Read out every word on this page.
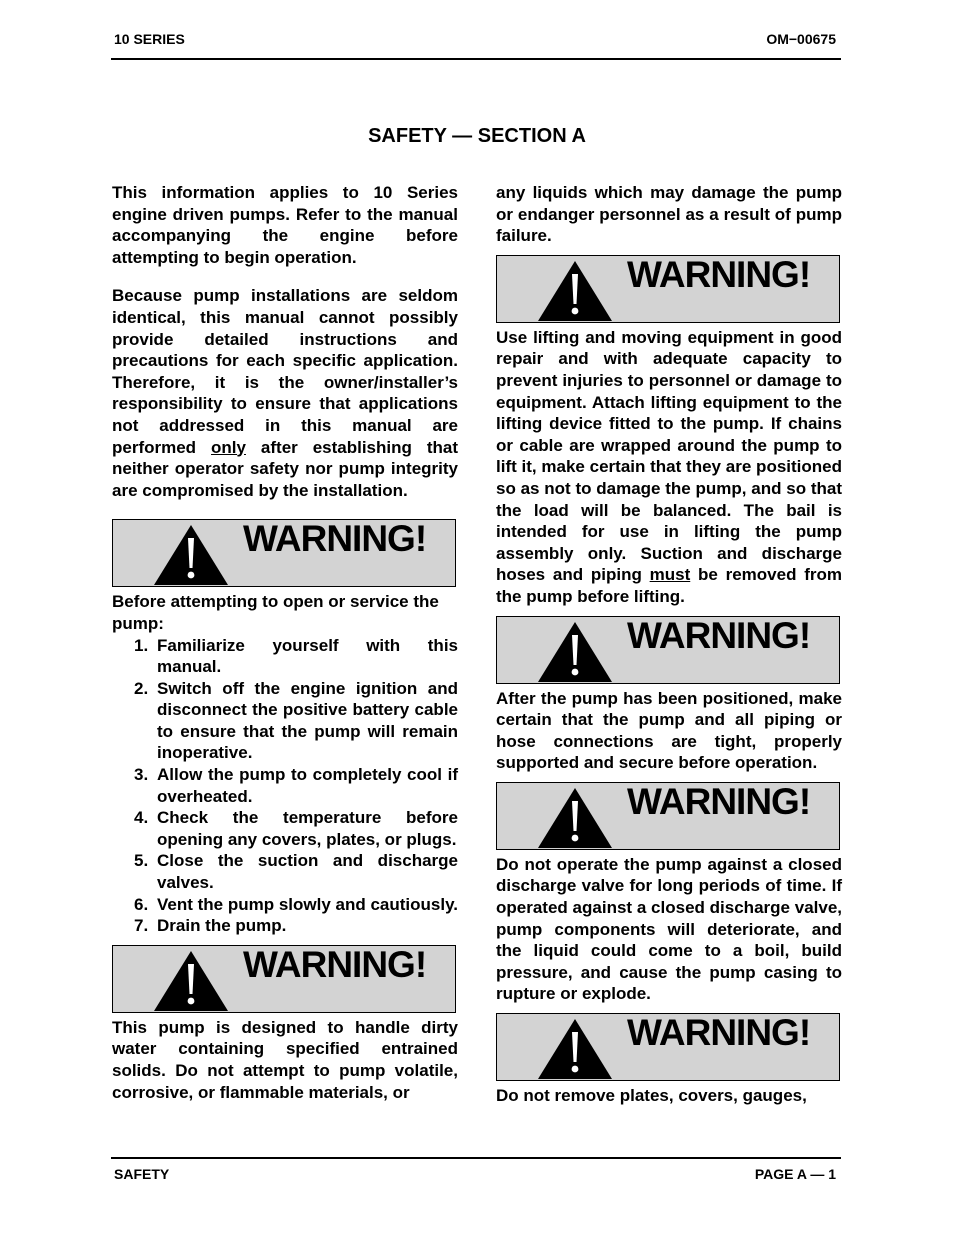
10 SERIES	OM−00675
SAFETY — SECTION A

This information applies to 10 Series engine driven pumps. Refer to the manual accompanying the engine before attempting to begin operation.

Because pump installations are seldom identical, this manual cannot possibly provide detailed instructions and precautions for each specific application. Therefore, it is the owner/installer’s responsibility to ensure that applications not addressed in this manual are performed only after establishing that neither operator safety nor pump integrity are compromised by the installation.

WARNING!

Before attempting to open or service the pump:

1. Familiarize yourself with this manual.
2. Switch off the engine ignition and disconnect the positive battery cable to ensure that the pump will remain inoperative.
3. Allow the pump to completely cool if overheated.
4. Check the temperature before opening any covers, plates, or plugs.
5. Close the suction and discharge valves.
6. Vent the pump slowly and cautiously.
7. Drain the pump.
WARNING!

This pump is designed to handle dirty water containing specified entrained solids. Do not attempt to pump volatile, corrosive, or flammable materials, or

any liquids which may damage the pump or endanger personnel as a result of pump failure.

WARNING!

Use lifting and moving equipment in good repair and with adequate capacity to prevent injuries to personnel or damage to equipment. Attach lifting equipment to the lifting device fitted to the pump. If chains or cable are wrapped around the pump to lift it, make certain that they are positioned so as not to damage the pump, and so that the load will be balanced. The bail is intended for use in lifting the pump assembly only. Suction and discharge hoses and piping must be removed from the pump before lifting.

WARNING!

After the pump has been positioned, make certain that the pump and all piping or hose connections are tight, properly supported and secure before operation.

WARNING!

Do not operate the pump against a closed discharge valve for long periods of time. If operated against a closed discharge valve, pump components will deteriorate, and the liquid could come to a boil, build pressure, and cause the pump casing to rupture or explode.

WARNING!

Do not remove plates, covers, gauges,

SAFETY	PAGE A — 1
